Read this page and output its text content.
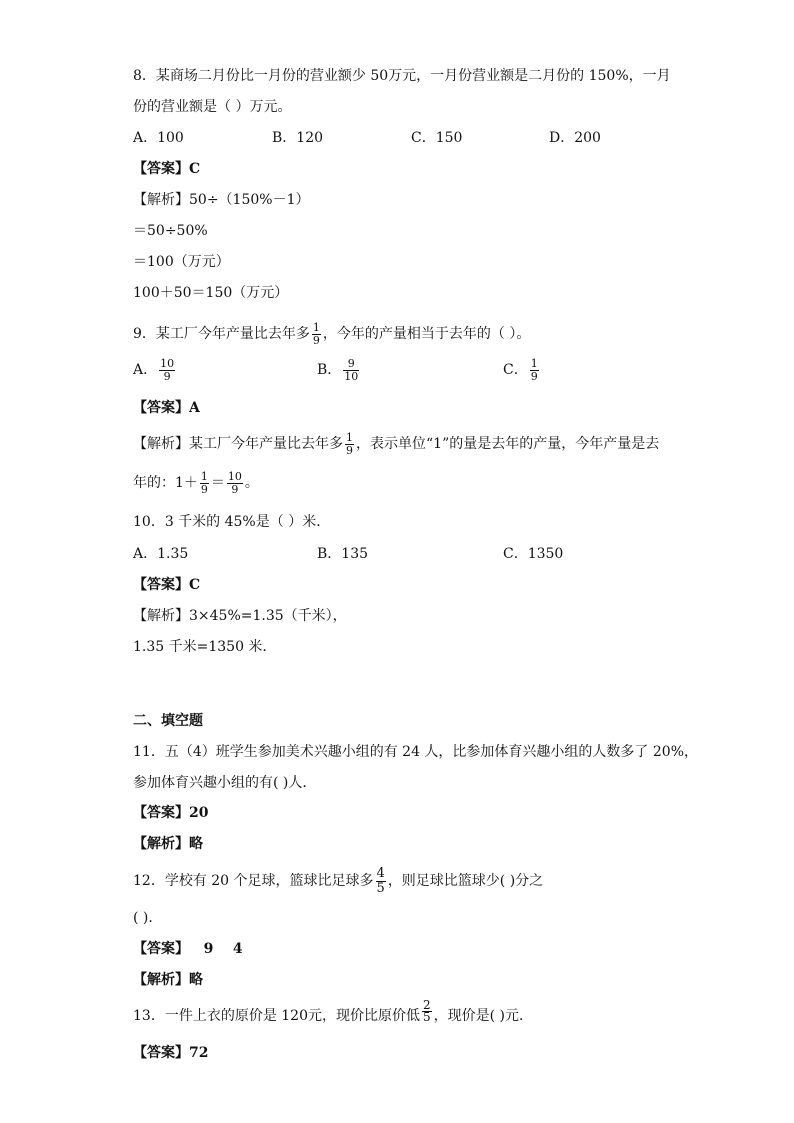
8．某商场二月份比一月份的营业额少 50万元，一月份营业额是二月份的 150%，一月
份的营业额是（ ）万元。
A．100	B．120	C．150	D．200
【答案】C
【解析】50÷（150%－1）
＝50÷50%
＝100（万元）
100＋50＝150（万元）
9．某工厂今年产量比去年多 $\frac{1}{9}$ ，今年的产量相当于去年的（ ）。
A． $\frac{10}{9}$	B． $\frac{9}{10}$	C． $\frac{1}{9}$
【答案】A
【解析】某工厂今年产量比去年多 $\frac{1}{9}$ ，表示单位“1”的量是去年的产量，今年产量是去
年的：$1+ \frac{1}{9} = \frac{10}{9}$ 。
10．3 千米的 45%是（ ）米．
A．1.35	B．135	C．1350
【答案】C
【解析】3×45%=1.35（千米），
1.35 千米=1350 米．
二、填空题
11．五（4）班学生参加美术兴趣小组的有 24 人，比参加体育兴趣小组的人数多了 20%，
参加体育兴趣小组的有( )人．
【答案】20
【解析】略
12．学校有 20 个足球，篮球比足球多 $\frac{4}{5}$ ，则足球比篮球少( )分之
( )．
【答案】   9    4
【解析】略
13．一件上衣的原价是 120元，现价比原价低 $\frac{2}{5}$ ，现价是( )元．
【答案】72
